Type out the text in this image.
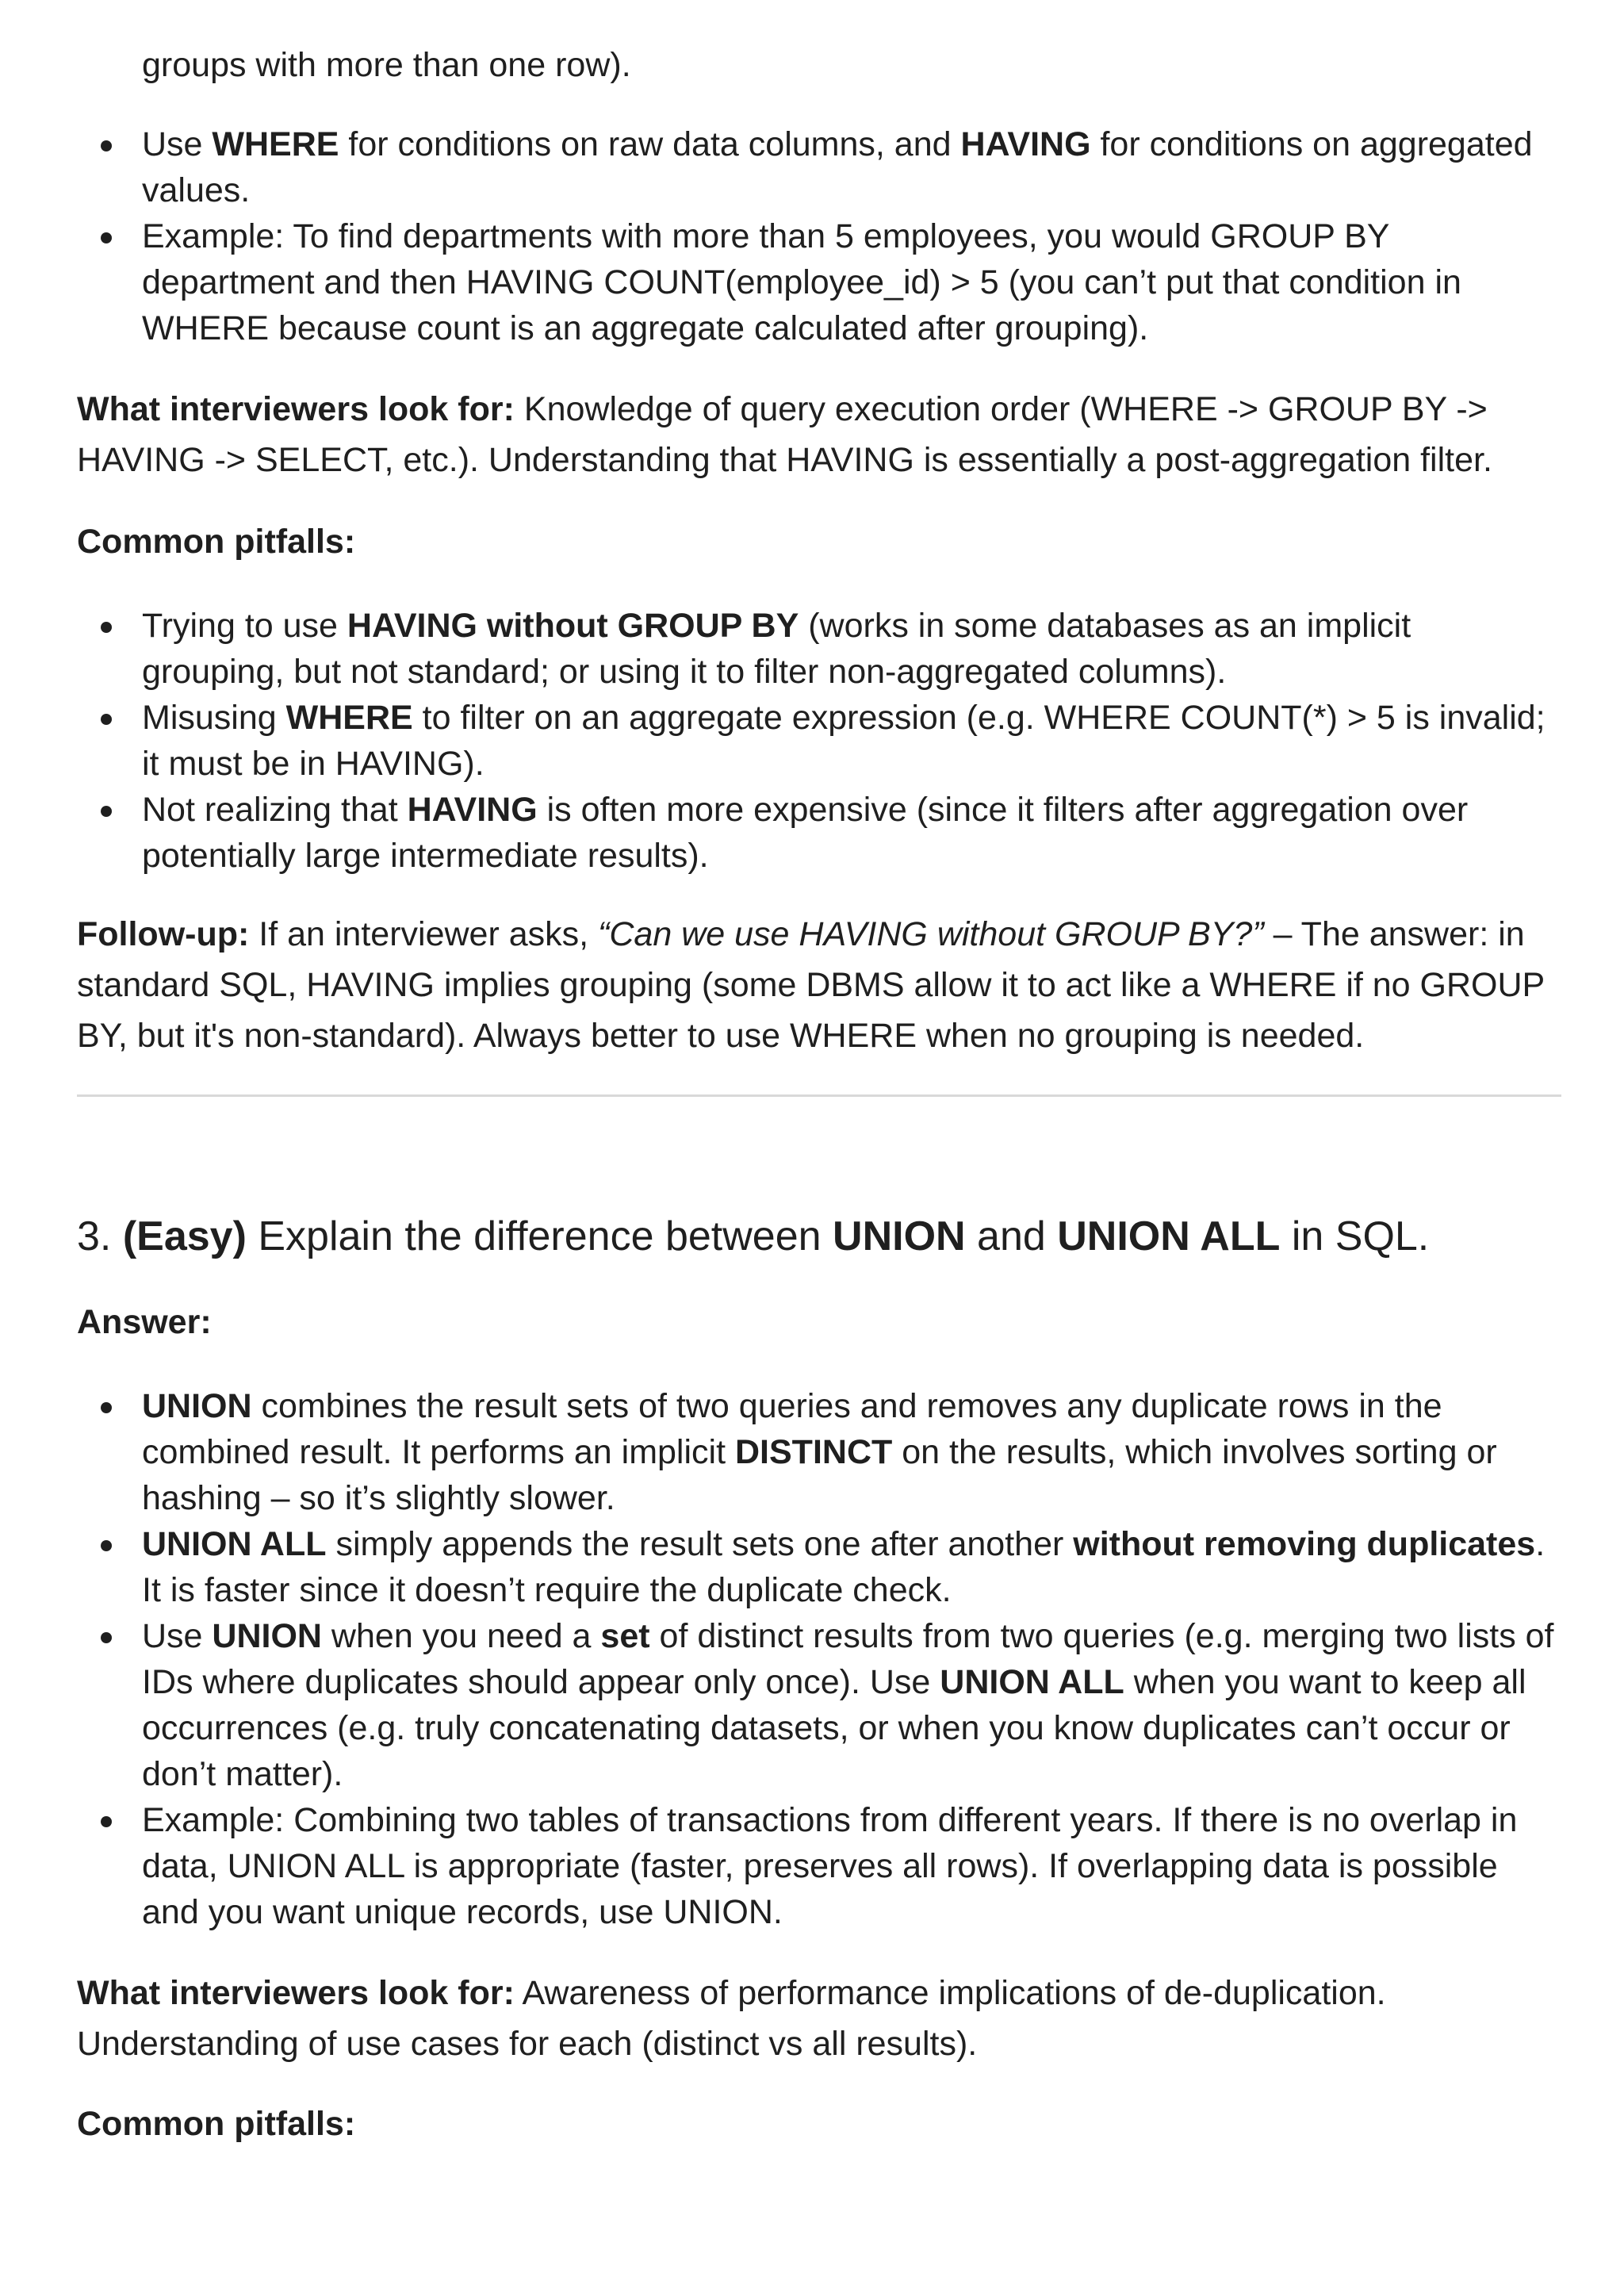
groups with more than one row).
Use WHERE for conditions on raw data columns, and HAVING for conditions on aggregated values.
Example: To find departments with more than 5 employees, you would GROUP BY department and then HAVING COUNT(employee_id) > 5 (you can’t put that condition in WHERE because count is an aggregate calculated after grouping).

What interviewers look for: Knowledge of query execution order (WHERE -> GROUP BY -> HAVING -> SELECT, etc.). Understanding that HAVING is essentially a post-aggregation filter.

Common pitfalls:

Trying to use HAVING without GROUP BY (works in some databases as an implicit grouping, but not standard; or using it to filter non-aggregated columns).
Misusing WHERE to filter on an aggregate expression (e.g. WHERE COUNT(*) > 5 is invalid; it must be in HAVING).
Not realizing that HAVING is often more expensive (since it filters after aggregation over potentially large intermediate results).

Follow-up: If an interviewer asks, “Can we use HAVING without GROUP BY?” – The answer: in standard SQL, HAVING implies grouping (some DBMS allow it to act like a WHERE if no GROUP BY, but it's non-standard). Always better to use WHERE when no grouping is needed.

3. (Easy) Explain the difference between UNION and UNION ALL in SQL.

Answer:

UNION combines the result sets of two queries and removes any duplicate rows in the combined result. It performs an implicit DISTINCT on the results, which involves sorting or hashing – so it’s slightly slower.
UNION ALL simply appends the result sets one after another without removing duplicates. It is faster since it doesn’t require the duplicate check.
Use UNION when you need a set of distinct results from two queries (e.g. merging two lists of IDs where duplicates should appear only once). Use UNION ALL when you want to keep all occurrences (e.g. truly concatenating datasets, or when you know duplicates can’t occur or don’t matter).
Example: Combining two tables of transactions from different years. If there is no overlap in data, UNION ALL is appropriate (faster, preserves all rows). If overlapping data is possible and you want unique records, use UNION.

What interviewers look for: Awareness of performance implications of de-duplication. Understanding of use cases for each (distinct vs all results).

Common pitfalls:
